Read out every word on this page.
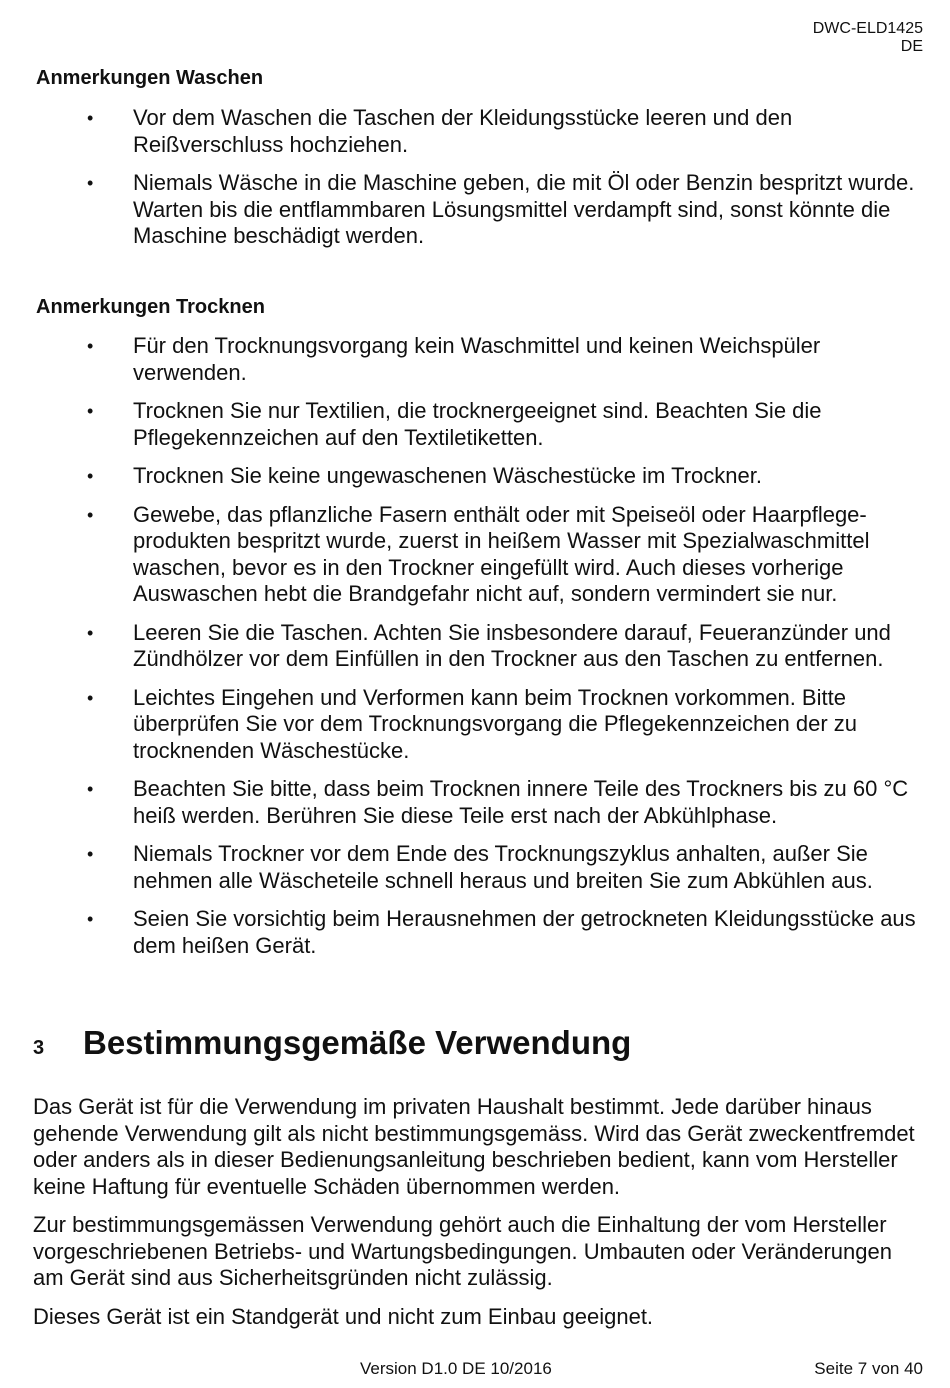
DWC-ELD1425
DE
Anmerkungen Waschen
• Vor dem Waschen die Taschen der Kleidungsstücke leeren und den Reißverschluss hochziehen.
• Niemals Wäsche in die Maschine geben, die mit Öl oder Benzin bespritzt wurde. Warten bis die entflammbaren Lösungsmittel verdampft sind, sonst könnte die Maschine beschädigt werden.
Anmerkungen Trocknen
• Für den Trocknungsvorgang kein Waschmittel und keinen Weichspüler verwenden.
• Trocknen Sie nur Textilien, die trocknergeeignet sind. Beachten Sie die Pflegekennzeichen auf den Textiletiketten.
• Trocknen Sie keine ungewaschenen Wäschestücke im Trockner.
• Gewebe, das pflanzliche Fasern enthält oder mit Speiseöl oder Haarpflege-produkten bespritzt wurde, zuerst in heißem Wasser mit Spezialwaschmittel waschen, bevor es in den Trockner eingefüllt wird. Auch dieses vorherige Auswaschen hebt die Brandgefahr nicht auf, sondern vermindert sie nur.
• Leeren Sie die Taschen. Achten Sie insbesondere darauf, Feueranzünder und Zündhölzer vor dem Einfüllen in den Trockner aus den Taschen zu entfernen.
• Leichtes Eingehen und Verformen kann beim Trocknen vorkommen. Bitte überprüfen Sie vor dem Trocknungsvorgang die Pflegekennzeichen der zu trocknenden Wäschestücke.
• Beachten Sie bitte, dass beim Trocknen innere Teile des Trockners bis zu 60 °C heiß werden. Berühren Sie diese Teile erst nach der Abkühlphase.
• Niemals Trockner vor dem Ende des Trocknungszyklus anhalten, außer Sie nehmen alle Wäscheteile schnell heraus und breiten Sie zum Abkühlen aus.
• Seien Sie vorsichtig beim Herausnehmen der getrockneten Kleidungsstücke aus dem heißen Gerät.
3	Bestimmungsgemäße Verwendung

Das Gerät ist für die Verwendung im privaten Haushalt bestimmt. Jede darüber hinaus gehende Verwendung gilt als nicht bestimmungsgemäss. Wird das Gerät zweckentfremdet oder anders als in dieser Bedienungsanleitung beschrieben bedient, kann vom Hersteller keine Haftung für eventuelle Schäden übernommen werden.

Zur bestimmungsgemässen Verwendung gehört auch die Einhaltung der vom Hersteller vorgeschriebenen Betriebs- und Wartungsbedingungen. Umbauten oder Veränderungen am Gerät sind aus Sicherheitsgründen nicht zulässig.

Dieses Gerät ist ein Standgerät und nicht zum Einbau geeignet.

Version D1.0 DE 10/2016	Seite 7 von 40
